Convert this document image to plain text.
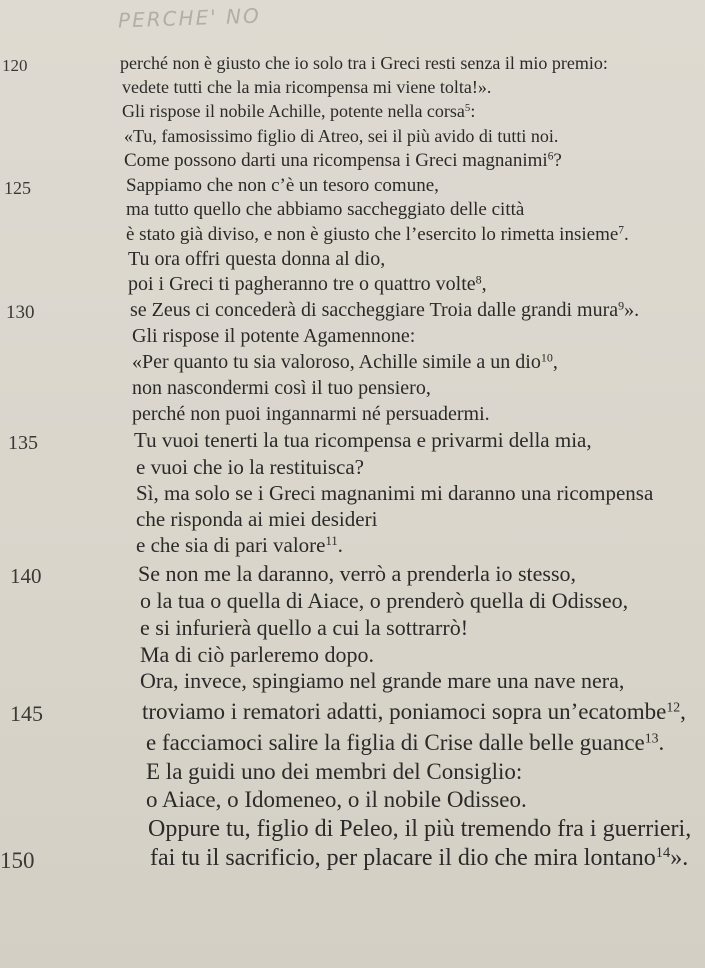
PERCHE' NO
120	perché non è giusto che io solo tra i Greci resti senza il mio premio:
vedete tutti che la mia ricompensa mi viene tolta!».
Gli rispose il nobile Achille, potente nella corsa$^5$:
«Tu, famosissimo figlio di Atreo, sei il più avido di tutti noi.
Come possono darti una ricompensa i Greci magnanimi$^6$?
125	Sappiamo che non c’è un tesoro comune,
ma tutto quello che abbiamo saccheggiato delle città
è stato già diviso, e non è giusto che l’esercito lo rimetta insieme$^7$.
Tu ora offri questa donna al dio,
poi i Greci ti pagheranno tre o quattro volte$^8$,
130	se Zeus ci concederà di saccheggiare Troia dalle grandi mura$^9$».
Gli rispose il potente Agamennone:
«Per quanto tu sia valoroso, Achille simile a un dio$^{10}$,
non nascondermi così il tuo pensiero,
perché non puoi ingannarmi né persuadermi.
135	Tu vuoi tenerti la tua ricompensa e privarmi della mia,
e vuoi che io la restituisca?
Sì, ma solo se i Greci magnanimi mi daranno una ricompensa
che risponda ai miei desideri
e che sia di pari valore$^{11}$.
140	Se non me la daranno, verrò a prenderla io stesso,
o la tua o quella di Aiace, o prenderò quella di Odisseo,
e si infurierà quello a cui la sottrarrò!
Ma di ciò parleremo dopo.
Ora, invece, spingiamo nel grande mare una nave nera,
145	troviamo i rematori adatti, poniamoci sopra un’ecatombe$^{12}$,
e facciamoci salire la figlia di Crise dalle belle guance$^{13}$.
E la guidi uno dei membri del Consiglio:
o Aiace, o Idomeneo, o il nobile Odisseo.
Oppure tu, figlio di Peleo, il più tremendo fra i guerrieri,
150	fai tu il sacrificio, per placare il dio che mira lontano$^{14}$».
